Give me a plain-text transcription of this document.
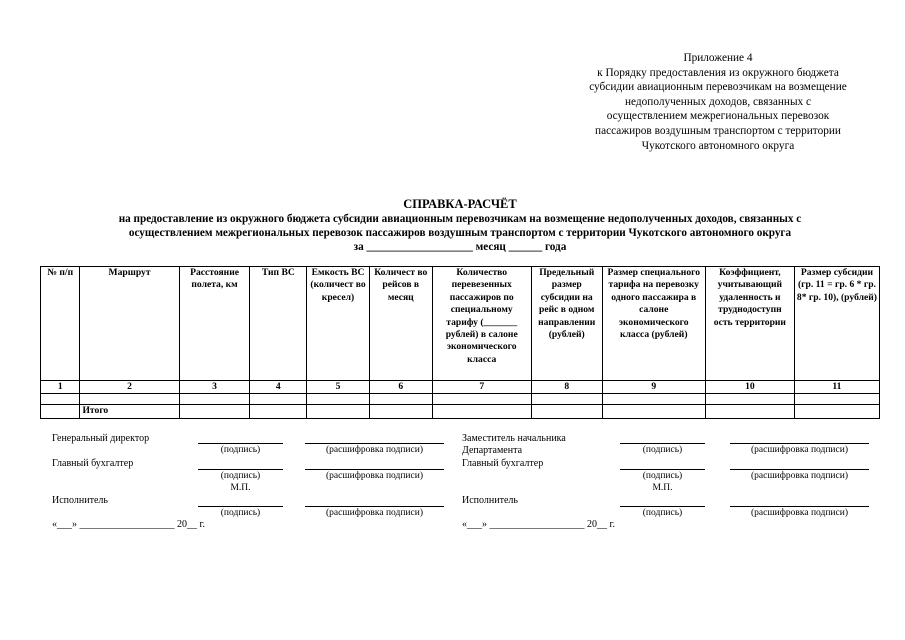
Приложение 4
к Порядку предоставления из окружного бюджета
субсидии авиационным перевозчикам на возмещение
недополученных доходов, связанных с
осуществлением межрегиональных перевозок
пассажиров воздушным транспортом с территории
Чукотского автономного округа
СПРАВКА-РАСЧЁТ
на предоставление из окружного бюджета субсидии авиационным перевозчикам на возмещение недополученных доходов, связанных с
осуществлением межрегиональных перевозок пассажиров воздушным транспортом с территории Чукотского автономного округа
за ___________________ месяц ______ года
№ п/п	Маршрут	Расстояние полета, км	Тип ВС	Емкость ВС (количест во кресел)	Количест во рейсов в месяц	Количество перевезенных пассажиров по специальному тарифу (_______ рублей) в салоне экономического класса	Предельный размер субсидии на рейс в одном направлении (рублей)	Размер специального тарифа на перевозку одного пассажира в салоне экономического класса (рублей)	Коэффициент, учитывающий удаленность и труднодоступн ость территории	Размер субсидии (гр. 11 = гр. 6 * гр. 8* гр. 10), (рублей)
1	2	3	4	5	6	7	8	9	10	11

	Итого									
Генеральный директор
(подпись)	(расшифровка подписи)
Главный бухгалтер
(подпись)	(расшифровка подписи)
М.П.
Исполнитель
(подпись)	(расшифровка подписи)
«___» ___________________ 20__ г.
Заместитель начальника
Департамента	(подпись)	(расшифровка подписи)
Главный бухгалтер
(подпись)	(расшифровка подписи)
М.П.
Исполнитель
(подпись)	(расшифровка подписи)
«___» ___________________ 20__ г.
